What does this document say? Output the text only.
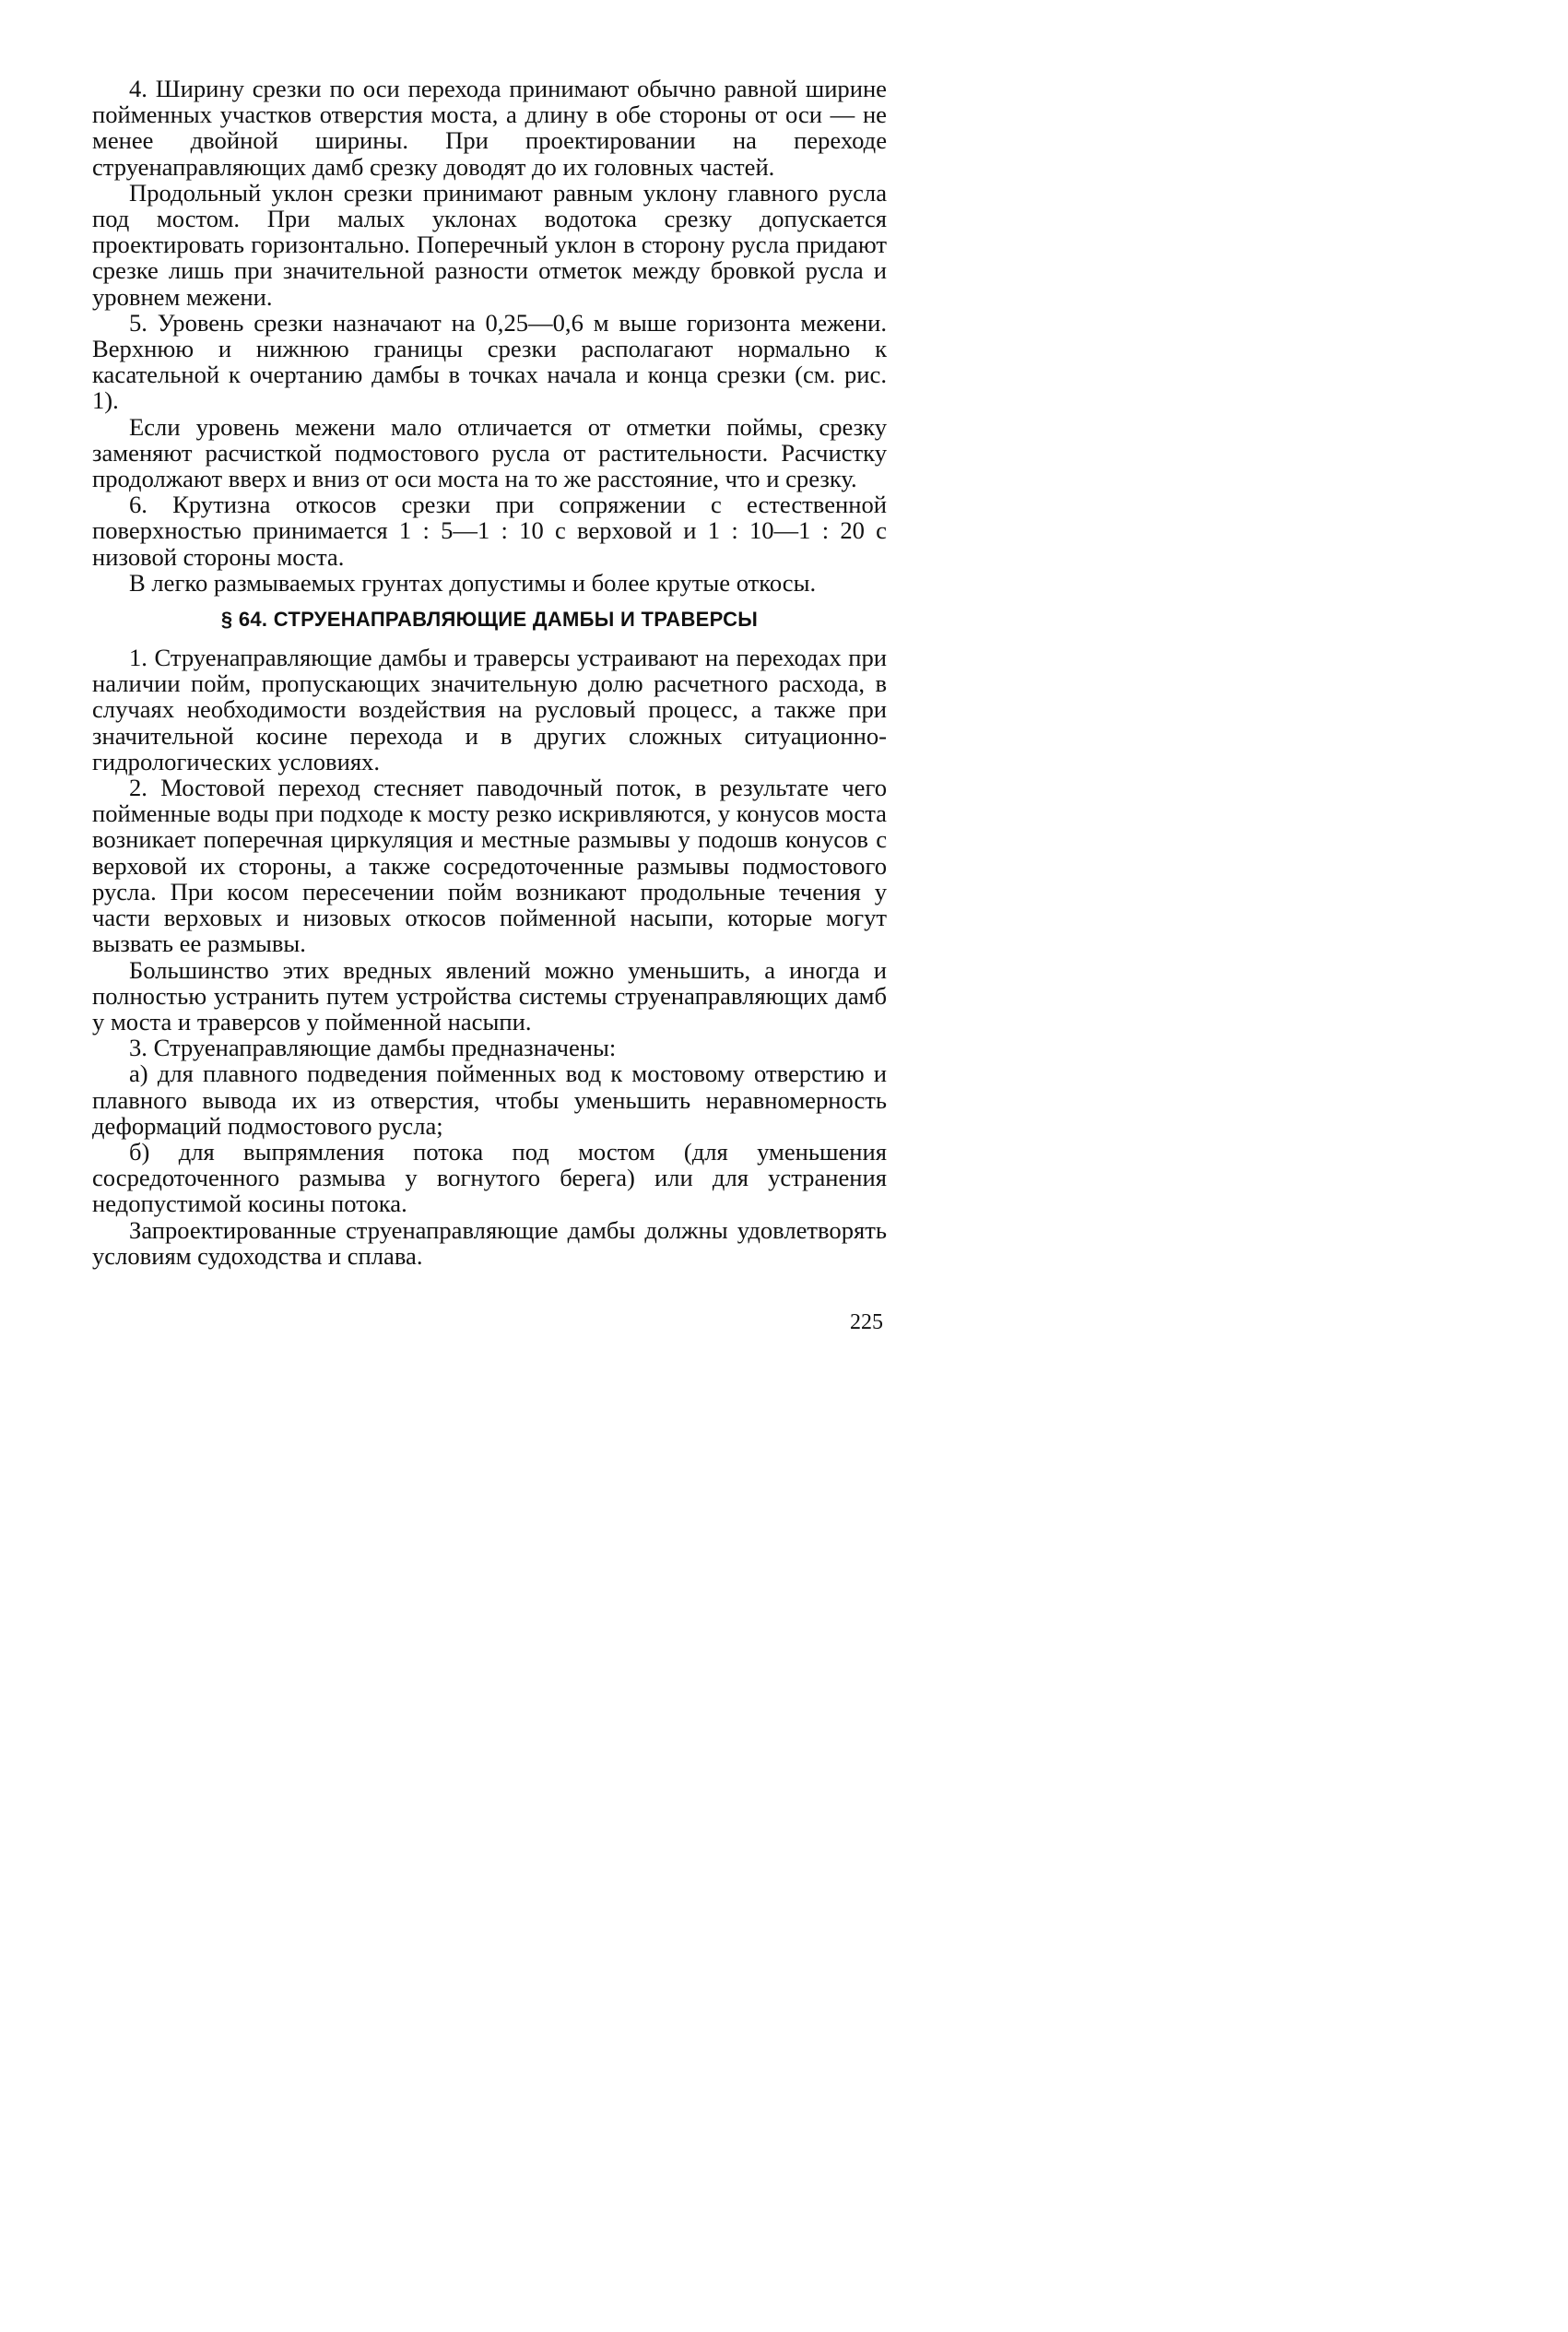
4. Ширину срезки по оси перехода принимают обычно равной ширине пойменных участков отверстия моста, а длину в обе стороны от оси — не менее двойной ширины. При проектировании на переходе струенаправляющих дамб срезку доводят до их головных частей.

Продольный уклон срезки принимают равным уклону главного русла под мостом. При малых уклонах водотока срезку допускается проектировать горизонтально. Поперечный уклон в сторону русла придают срезке лишь при значительной разности отметок между бровкой русла и уровнем межени.

5. Уровень срезки назначают на 0,25—0,6 м выше горизонта межени. Верхнюю и нижнюю границы срезки располагают нормально к касательной к очертанию дамбы в точках начала и конца срезки (см. рис. 1).

Если уровень межени мало отличается от отметки поймы, срезку заменяют расчисткой подмостового русла от растительности. Расчистку продолжают вверх и вниз от оси моста на то же расстояние, что и срезку.

6. Крутизна откосов срезки при сопряжении с естественной поверхностью принимается 1 : 5—1 : 10 с верховой и 1 : 10—1 : 20 с низовой стороны моста.

В легко размываемых грунтах допустимы и более крутые откосы.

§ 64. СТРУЕНАПРАВЛЯЮЩИЕ ДАМБЫ И ТРАВЕРСЫ

1. Струенаправляющие дамбы и траверсы устраивают на переходах при наличии пойм, пропускающих значительную долю расчетного расхода, в случаях необходимости воздействия на русловый процесс, а также при значительной косине перехода и в других сложных ситуационно-гидрологических условиях.

2. Мостовой переход стесняет паводочный поток, в результате чего пойменные воды при подходе к мосту резко искривляются, у конусов моста возникает поперечная циркуляция и местные размывы у подошв конусов с верховой их стороны, а также сосредоточенные размывы подмостового русла. При косом пересечении пойм возникают продольные течения у части верховых и низовых откосов пойменной насыпи, которые могут вызвать ее размывы.

Большинство этих вредных явлений можно уменьшить, а иногда и полностью устранить путем устройства системы струенаправляющих дамб у моста и траверсов у пойменной насыпи.

3. Струенаправляющие дамбы предназначены:

а) для плавного подведения пойменных вод к мостовому отверстию и плавного вывода их из отверстия, чтобы уменьшить неравномерность деформаций подмостового русла;

б) для выпрямления потока под мостом (для уменьшения сосредоточенного размыва у вогнутого берега) или для устранения недопустимой косины потока.

Запроектированные струенаправляющие дамбы должны удовлетворять условиям судоходства и сплава.

225
